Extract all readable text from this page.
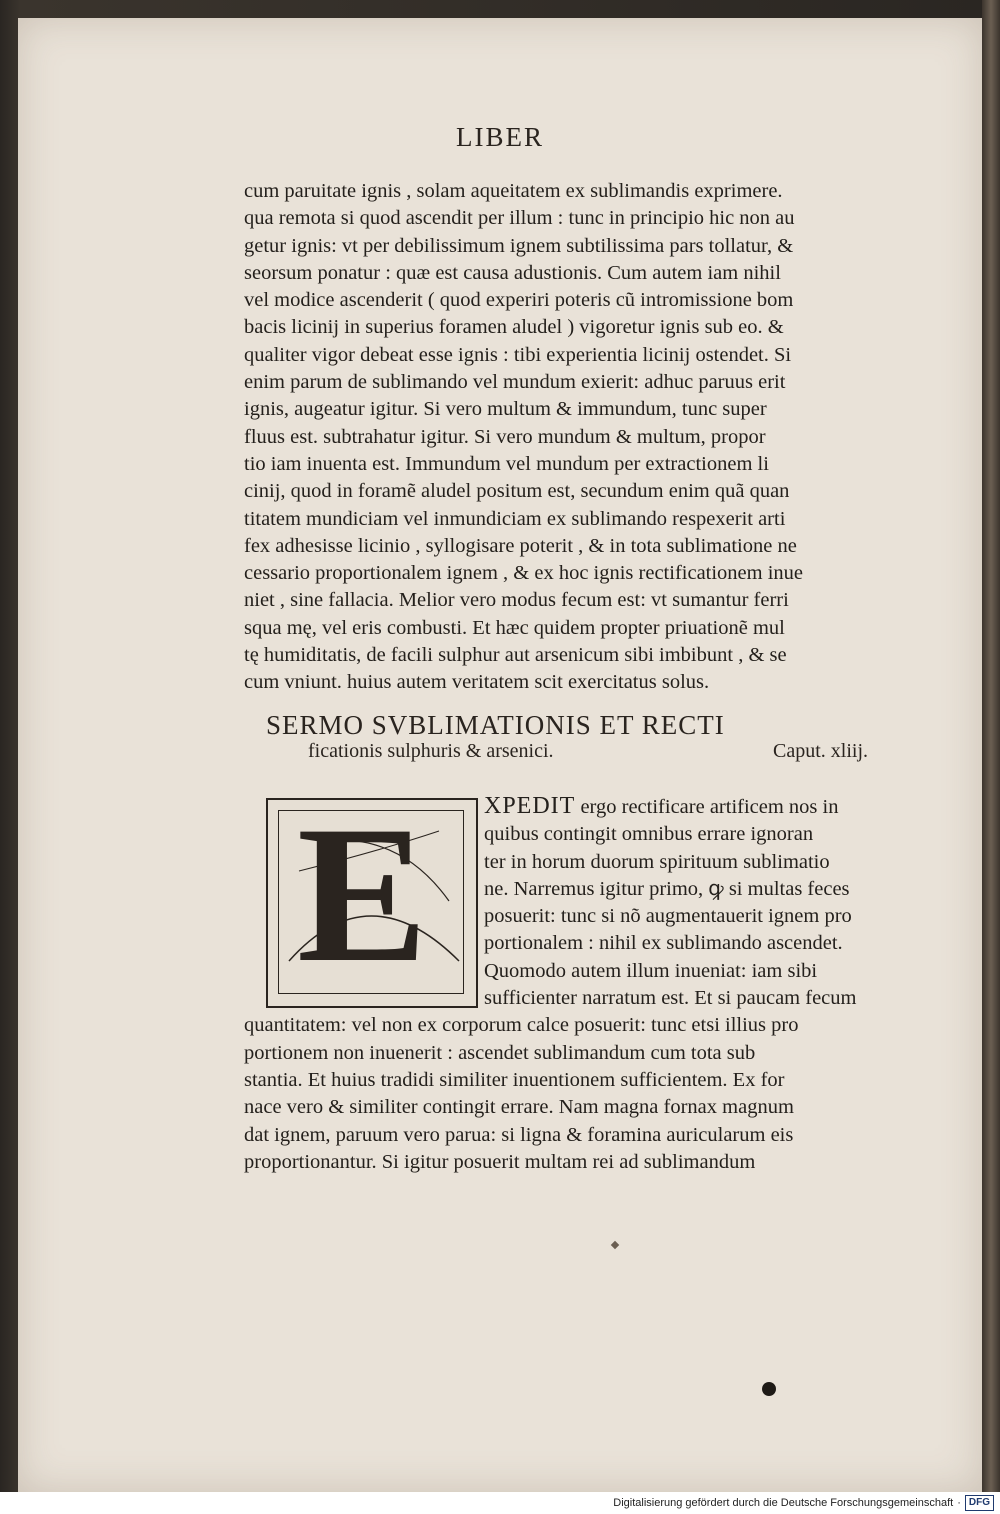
LIBER
cum paruitate ignis , solam aqueitatem ex sublimandis exprimere.
qua remota si quod ascendit per illum : tunc in principio hic non au
getur ignis: vt per debilissimum ignem subtilissima pars tollatur, &
seorsum ponatur : quæ est causa adustionis. Cum autem iam nihil
vel modice ascenderit ( quod experiri poteris cũ intromissione bom
bacis licinij in superius foramen aludel ) vigoretur ignis sub eo. &
qualiter vigor debeat esse ignis : tibi experientia licinij ostendet. Si
enim parum de sublimando vel mundum exierit: adhuc paruus erit
ignis, augeatur igitur. Si vero multum & immundum, tunc super
fluus est. subtrahatur igitur. Si vero mundum & multum, propor
tio iam inuenta est. Immundum vel mundum per extractionem li
cinij, quod in foramẽ aludel positum est, secundum enim quã quan
titatem mundiciam vel inmundiciam ex sublimando respexerit arti
fex adhesisse licinio , syllogisare poterit , & in tota sublimatione ne
cessario proportionalem ignem , & ex hoc ignis rectificationem inue
niet , sine fallacia. Melior vero modus fecum est: vt sumantur ferri
squa mę, vel eris combusti. Et hæc quidem propter priuationẽ mul
tę humiditatis, de facili sulphur aut arsenicum sibi imbibunt , & se
cum vniunt. huius autem veritatem scit exercitatus solus.
SERMO SVBLIMATIONIS ET RECTI
ficationis sulphuris & arsenici.	Caput. xliij.
E	XPEDIT ergo rectificare artificem nos in
quibus contingit omnibus errare ignoran
ter in horum duorum spirituum sublimatio
ne. Narremus igitur primo, ꝙ si multas feces
posuerit: tunc si nõ augmentauerit ignem pro
portionalem : nihil ex sublimando ascendet.
Quomodo autem illum inueniat: iam sibi
sufficienter narratum est. Et si paucam fecum
quantitatem: vel non ex corporum calce posuerit: tunc etsi illius pro
portionem non inuenerit : ascendet sublimandum cum tota sub
stantia. Et huius tradidi similiter inuentionem sufficientem. Ex for
nace vero & similiter contingit errare. Nam magna fornax magnum
dat ignem, paruum vero parua: si ligna & foramina auricularum eis
proportionantur. Si igitur posuerit multam rei ad sublimandum
Digitalisierung gefördert durch die Deutsche Forschungsgemeinschaft · DFG
